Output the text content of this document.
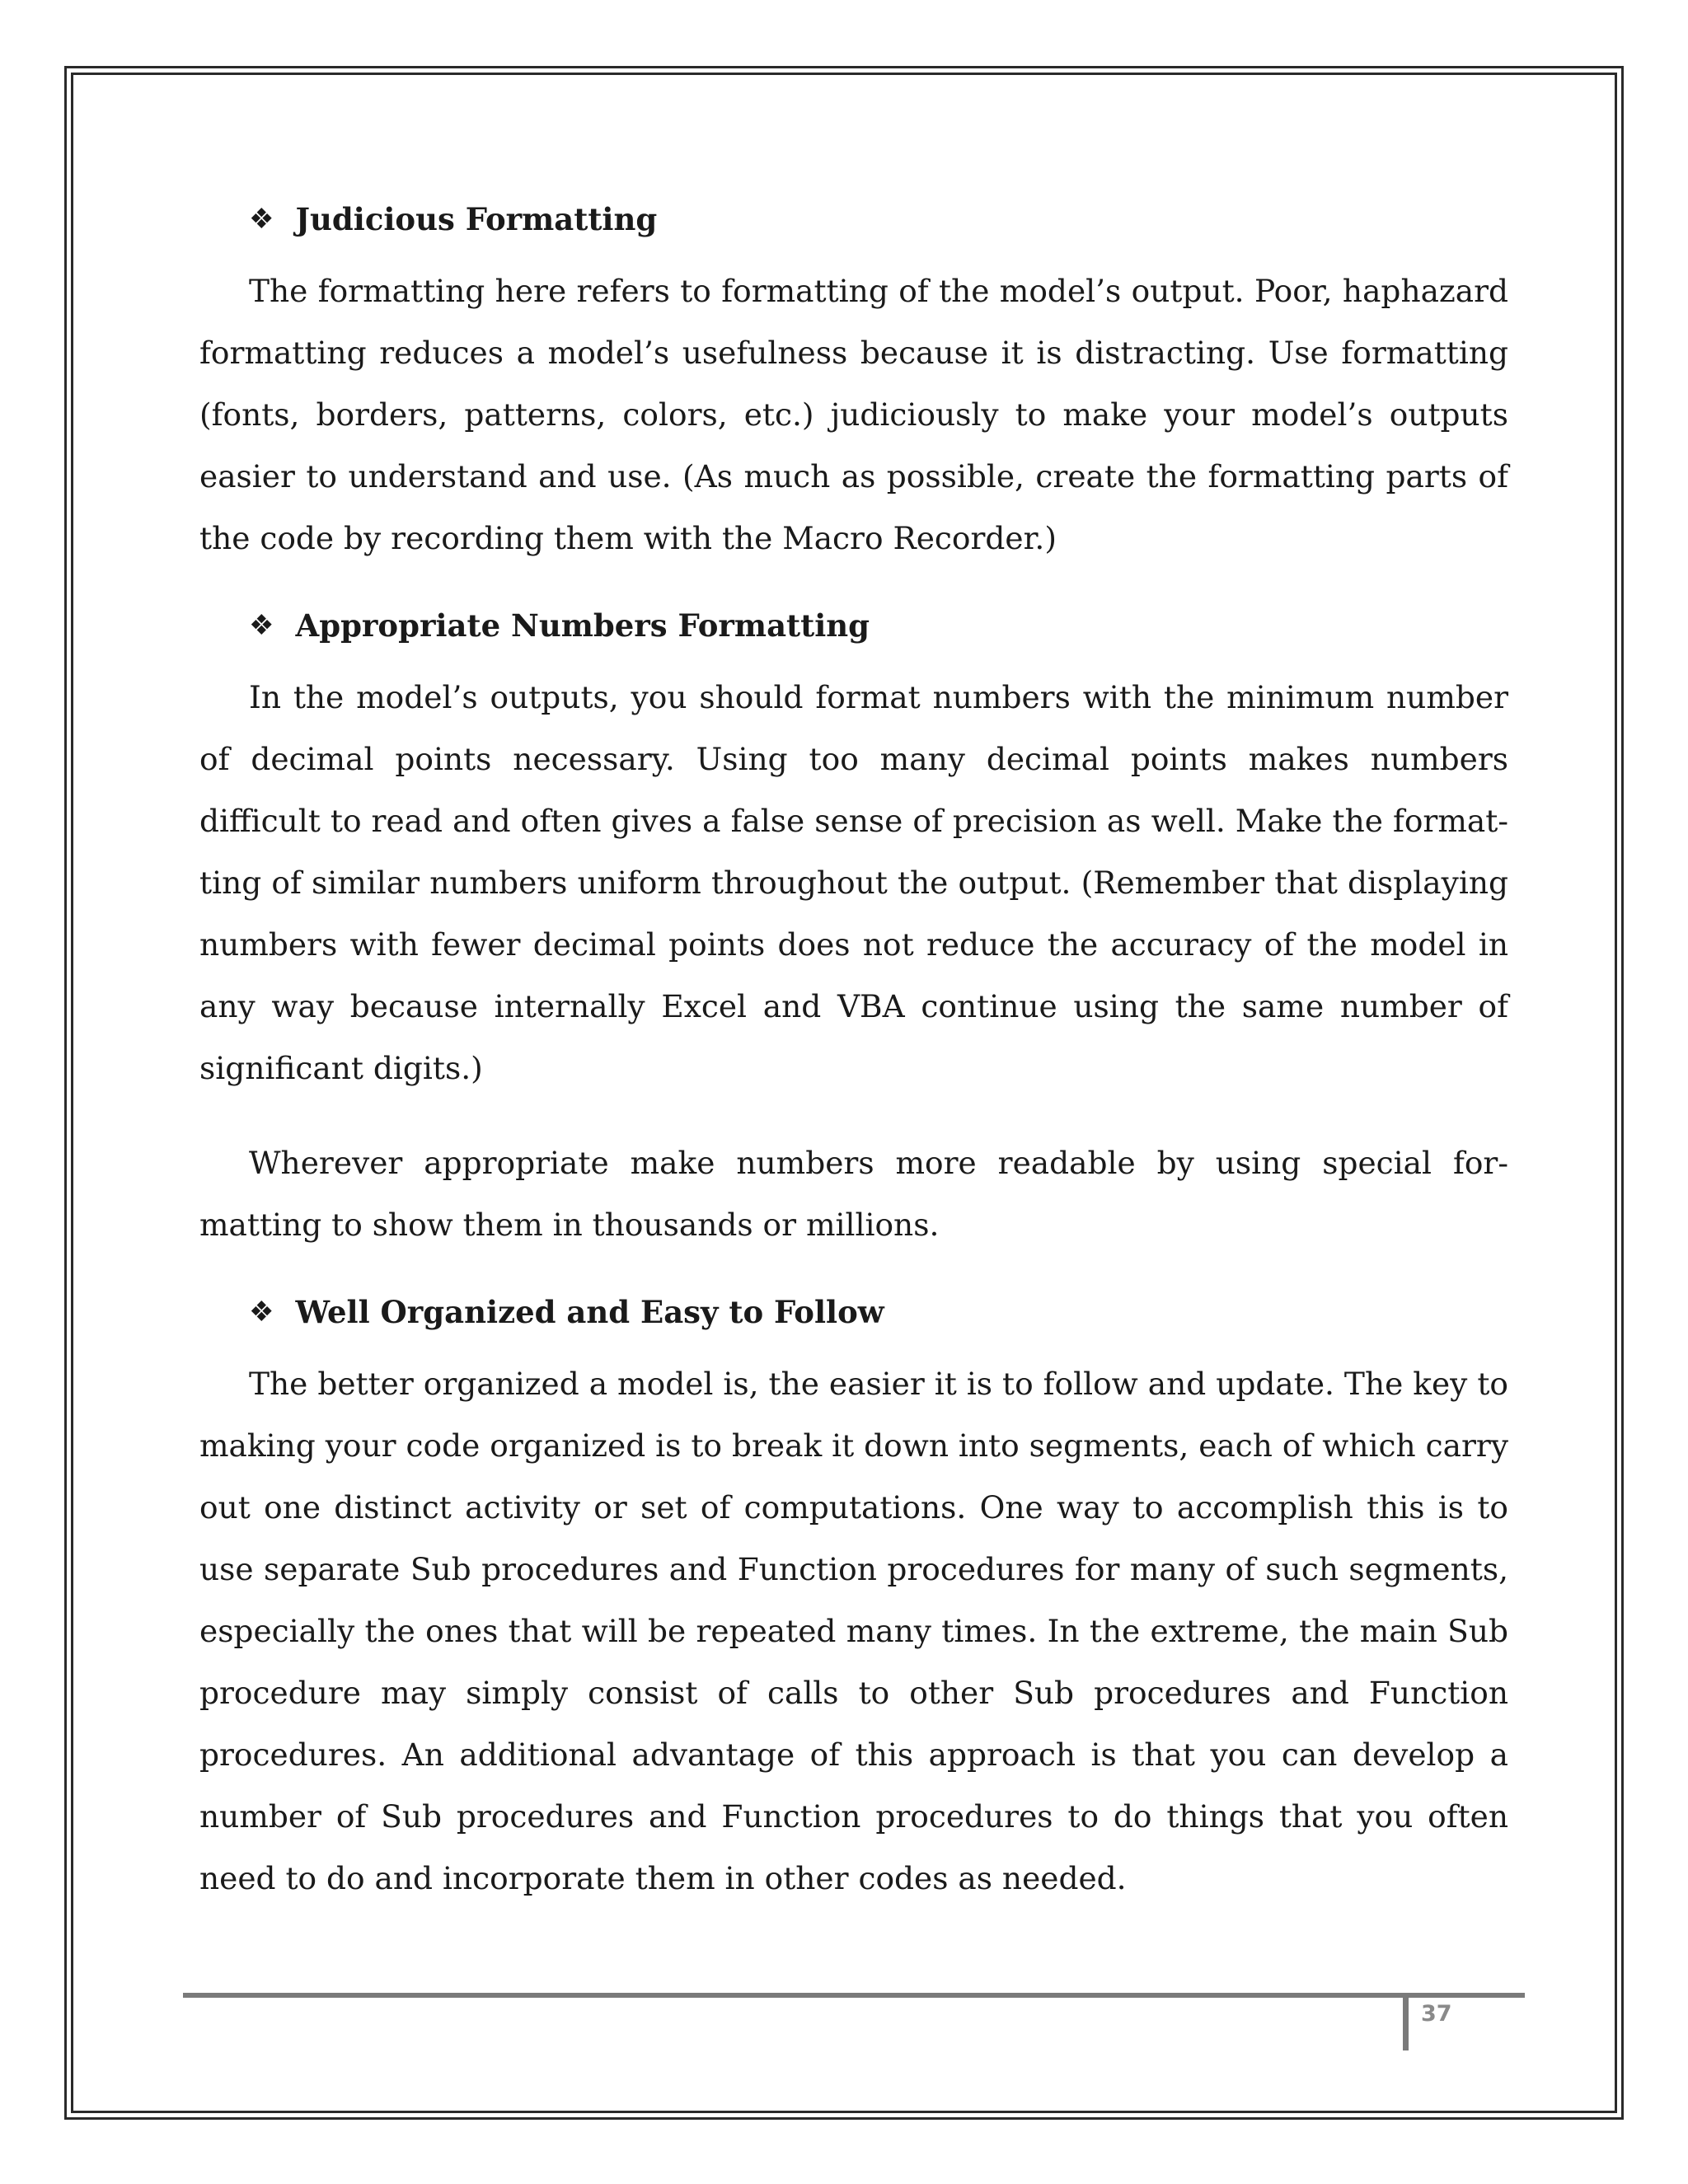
❖ Judicious Formatting

The formatting here refers to formatting of the model’s output. Poor, haphazard formatting reduces a model’s usefulness because it is distracting. Use formatting (fonts, borders, patterns, colors, etc.) judiciously to make your model’s outputs easier to understand and use. (As much as possible, create the formatting parts of the code by recording them with the Macro Recorder.)

❖ Appropriate Numbers Formatting

In the model’s outputs, you should format numbers with the minimum number of decimal points necessary. Using too many decimal points makes numbers difficult to read and often gives a false sense of precision as well. Make the format-ting of similar numbers uniform throughout the output. (Remember that displaying numbers with fewer decimal points does not reduce the accuracy of the model in any way because internally Excel and VBA continue using the same number of significant digits.)

Wherever appropriate make numbers more readable by using special for-matting to show them in thousands or millions.

❖ Well Organized and Easy to Follow

The better organized a model is, the easier it is to follow and update. The key to making your code organized is to break it down into segments, each of which carry out one distinct activity or set of computations. One way to accomplish this is to use separate Sub procedures and Function procedures for many of such segments, especially the ones that will be repeated many times. In the extreme, the main Sub procedure may simply consist of calls to other Sub procedures and Function procedures. An additional advantage of this approach is that you can develop a number of Sub procedures and Function procedures to do things that you often need to do and incorporate them in other codes as needed.

37
